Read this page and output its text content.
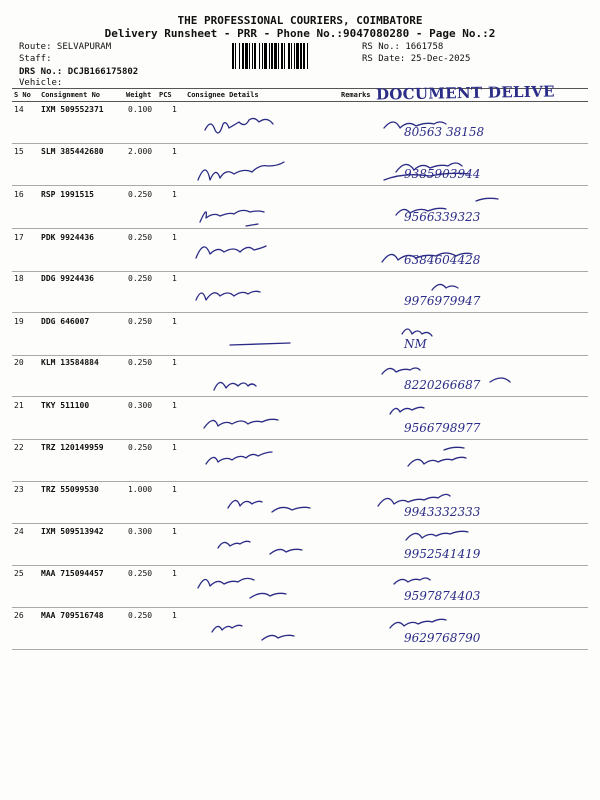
THE PROFESSIONAL COURIERS, COIMBATORE
Delivery Runsheet - PRR - Phone No.:9047080280 - Page No.:2
Route: SELVAPURAM
Staff:
DRS No.: DCJB166175802
Vehicle:
RS No.: 1661758
RS Date: 25-Dec-2025
S No Consignment No	Weight PCS Consignee Details	Remarks DOCUMENT DELIVE
14 IXM 509552371	0.100 1
80563 38158
15 SLM 385442680	2.000 1
9385903944
16 RSP 1991515	0.250 1
9566339323
17 PDK 9924436	0.250 1
6384604428
18 DDG 9924436	0.250 1
9976979947
19 DDG 646007	0.250 1
NM
20 KLM 13584884	0.250 1
8220266687
21 TKY 511100	0.300 1
9566798977
22 TRZ 120149959	0.250 1
23 TRZ 55099530	1.000 1
9943332333
24 IXM 509513942	0.300 1
9952541419
25 MAA 715094457	0.250 1
9597874403
26 MAA 709516748	0.250 1
9629768790
